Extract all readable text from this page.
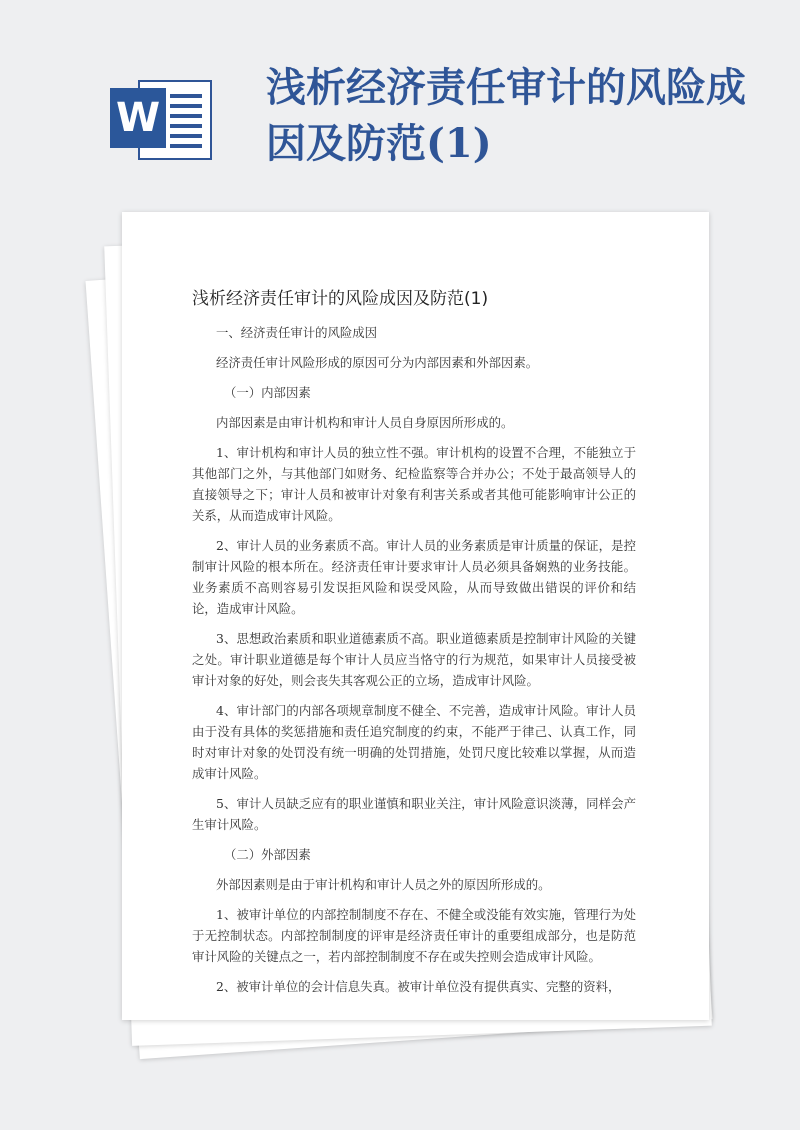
W
浅析经济责任审计的风险成因及防范(1)
浅析经济责任审计的风险成因及防范(1)

一、经济责任审计的风险成因

经济责任审计风险形成的原因可分为内部因素和外部因素。

（一）内部因素

内部因素是由审计机构和审计人员自身原因所形成的。

1、审计机构和审计人员的独立性不强。审计机构的设置不合理，不能独立于其他部门之外，与其他部门如财务、纪检监察等合并办公；不处于最高领导人的直接领导之下；审计人员和被审计对象有利害关系或者其他可能影响审计公正的关系，从而造成审计风险。

2、审计人员的业务素质不高。审计人员的业务素质是审计质量的保证，是控制审计风险的根本所在。经济责任审计要求审计人员必须具备娴熟的业务技能。业务素质不高则容易引发误拒风险和误受风险，从而导致做出错误的评价和结论，造成审计风险。

3、思想政治素质和职业道德素质不高。职业道德素质是控制审计风险的关键之处。审计职业道德是每个审计人员应当恪守的行为规范，如果审计人员接受被审计对象的好处，则会丧失其客观公正的立场，造成审计风险。

4、审计部门的内部各项规章制度不健全、不完善，造成审计风险。审计人员由于没有具体的奖惩措施和责任追究制度的约束，不能严于律己、认真工作，同时对审计对象的处罚没有统一明确的处罚措施，处罚尺度比较难以掌握，从而造成审计风险。

5、审计人员缺乏应有的职业谨慎和职业关注，审计风险意识淡薄，同样会产生审计风险。

（二）外部因素

外部因素则是由于审计机构和审计人员之外的原因所形成的。

1、被审计单位的内部控制制度不存在、不健全或没能有效实施，管理行为处于无控制状态。内部控制制度的评审是经济责任审计的重要组成部分，也是防范审计风险的关键点之一，若内部控制制度不存在或失控则会造成审计风险。

2、被审计单位的会计信息失真。被审计单位没有提供真实、完整的资料，
